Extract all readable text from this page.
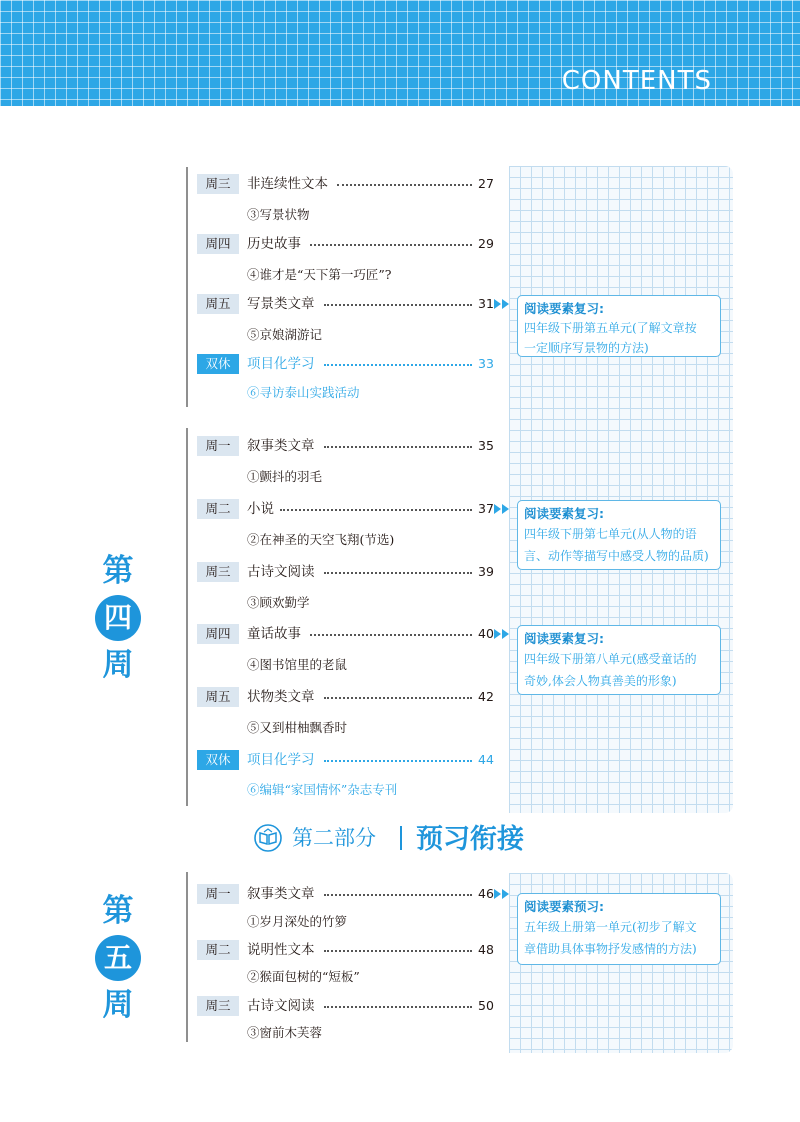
CONTENTS
第
四
周
第
五
周
周三	非连续性文本	27
③写景状物
周四	历史故事	29
④谁才是“天下第一巧匠”?
周五	写景类文章	31
⑤京娘湖游记
双休	项目化学习	33
⑥寻访泰山实践活动
阅读要素复习:
四年级下册第五单元(了解文章按
一定顺序写景物的方法)
周一	叙事类文章	35
①颤抖的羽毛
周二	小说	37
②在神圣的天空飞翔(节选)
阅读要素复习:
四年级下册第七单元(从人物的语
言、动作等描写中感受人物的品质)
周三	古诗文阅读	39
③顾欢勤学
周四	童话故事	40
④图书馆里的老鼠
阅读要素复习:
四年级下册第八单元(感受童话的
奇妙,体会人物真善美的形象)
周五	状物类文章	42
⑤又到柑柚飘香时
双休	项目化学习	44
⑥编辑“家国情怀”杂志专刊
第二部分 预习衔接
周一	叙事类文章	46
①岁月深处的竹箩
阅读要素预习:
五年级上册第一单元(初步了解文
章借助具体事物抒发感情的方法)
周二	说明性文本	48
②猴面包树的“短板”
周三	古诗文阅读	50
③窗前木芙蓉
